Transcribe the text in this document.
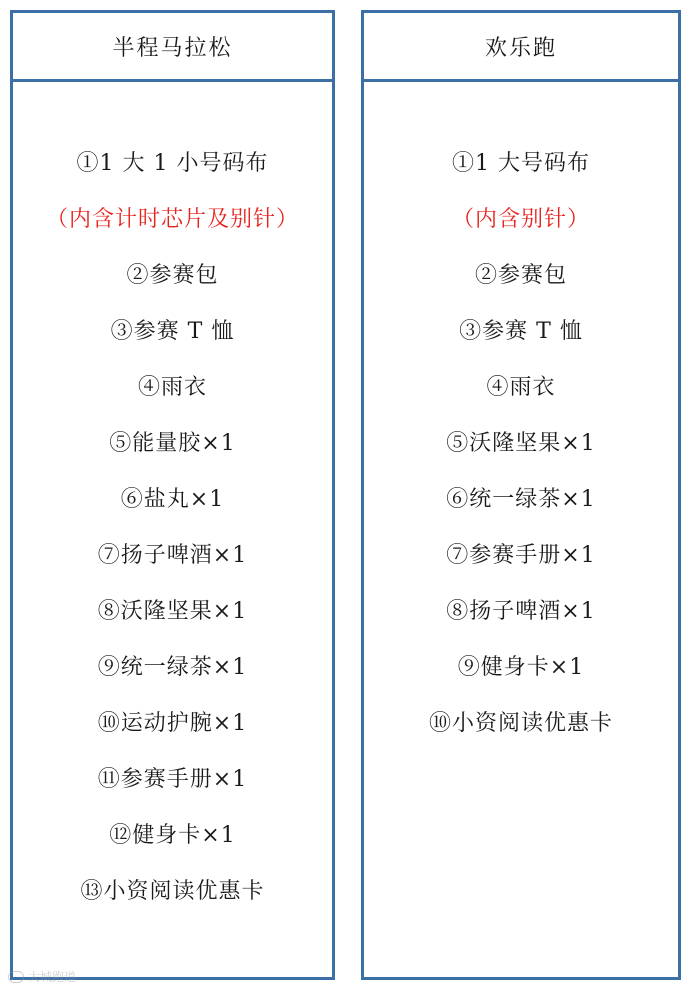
半程马拉松
①1 大 1 小号码布
（内含计时芯片及别针）
②参赛包
③参赛 T 恤
④雨衣
⑤能量胶×1
⑥盐丸×1
⑦扬子啤酒×1
⑧沃隆坚果×1
⑨统一绿茶×1
⑩运动护腕×1
⑪参赛手册×1
⑫健身卡×1
⑬小资阅读优惠卡
欢乐跑
①1 大号码布
（内含别针）
②参赛包
③参赛 T 恤
④雨衣
⑤沃隆坚果×1
⑥统一绿茶×1
⑦参赛手册×1
⑧扬子啤酒×1
⑨健身卡×1
⑩小资阅读优惠卡
大城跑道
